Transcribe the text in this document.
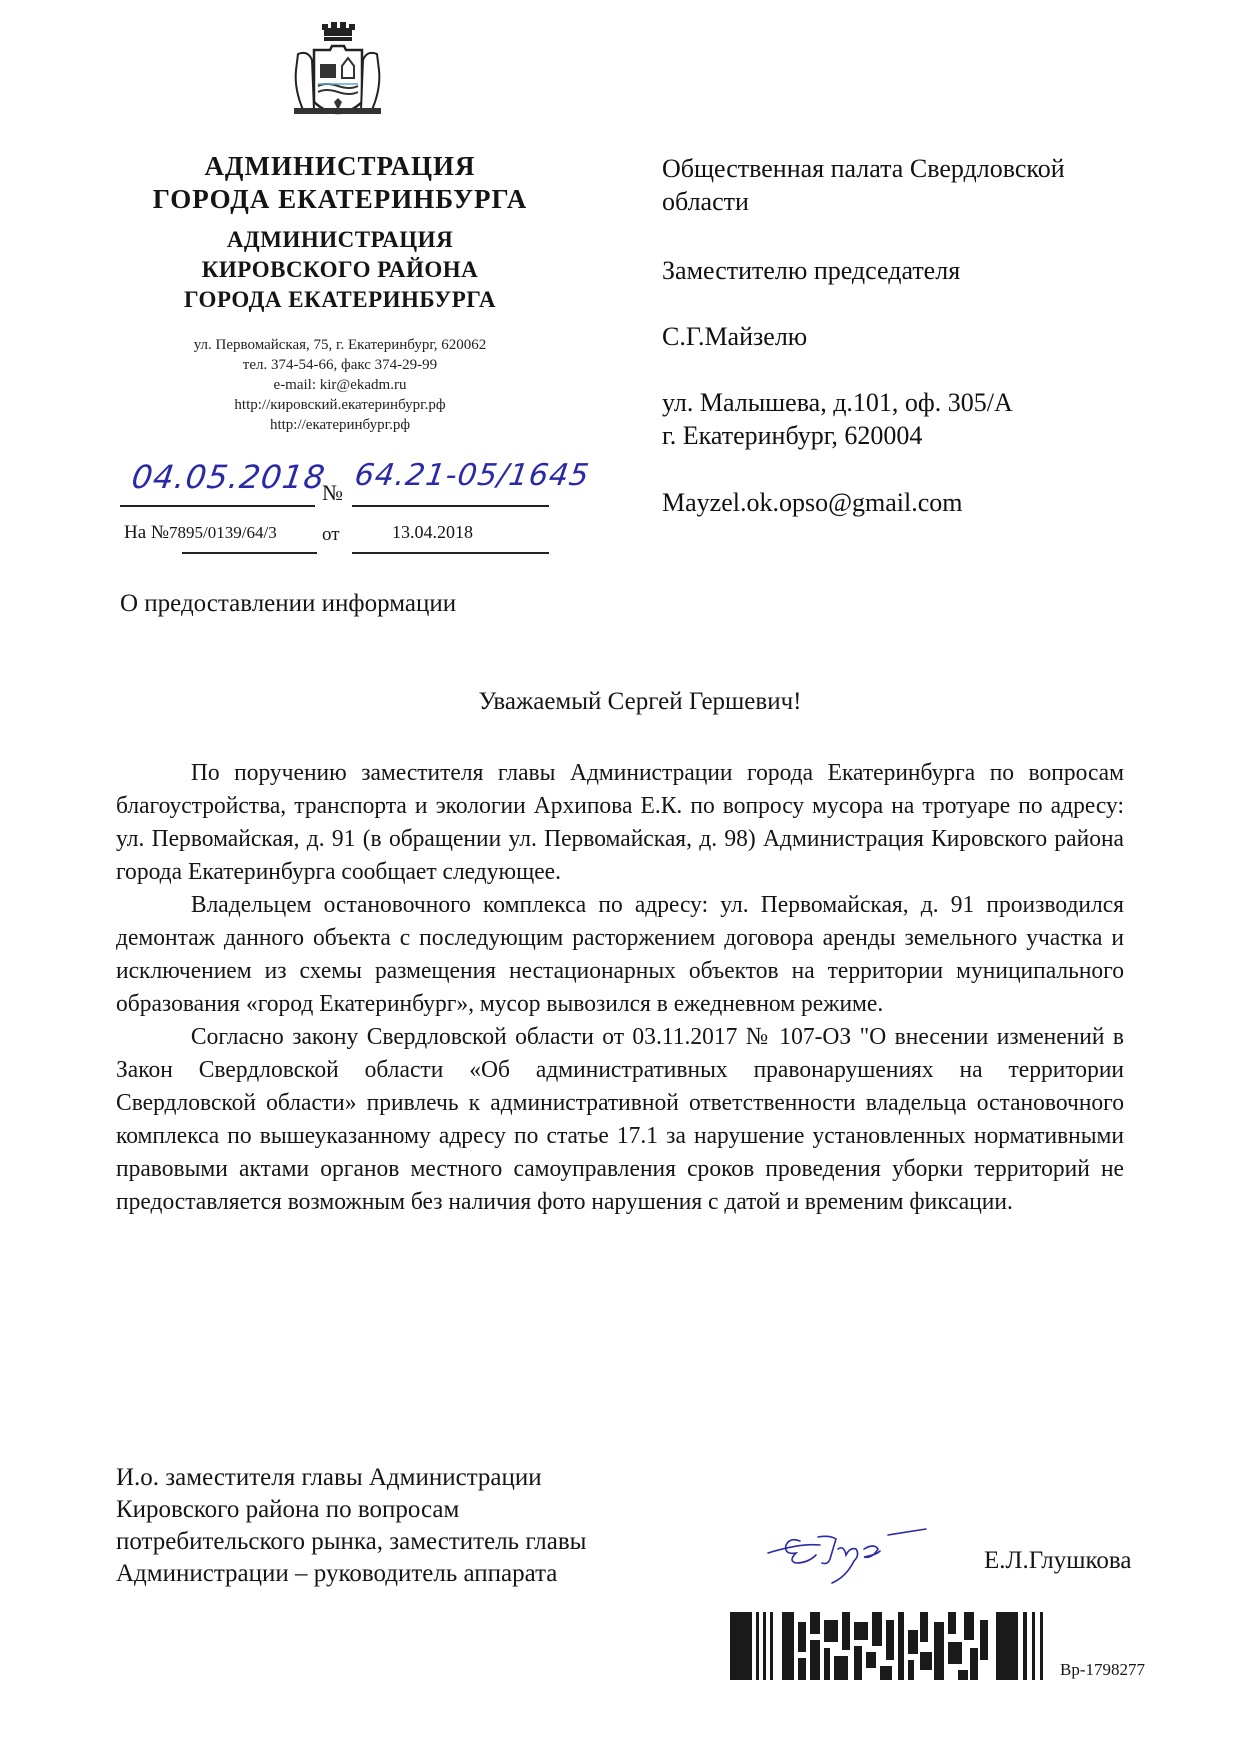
АДМИНИСТРАЦИЯ
ГОРОДА ЕКАТЕРИНБУРГА
АДМИНИСТРАЦИЯ
КИРОВСКОГО РАЙОНА
ГОРОДА ЕКАТЕРИНБУРГА
ул. Первомайская, 75, г. Екатеринбург, 620062
тел. 374-54-66, факс 374-29-99
e-mail: kir@ekadm.ru
http://кировский.екатеринбург.рф
http://екатеринбург.рф
04.05.2018
№ 64.21-05/1645
На №7895/0139/64/3 от	13.04.2018
Общественная палата Свердловской
области
Заместителю председателя
С.Г.Майзелю
ул. Малышева, д.101, оф. 305/А
г. Екатеринбург, 620004
Mayzel.ok.opso@gmail.com
О предоставлении информации
Уважаемый Сергей Гершевич!

По поручению заместителя главы Администрации города Екатеринбурга по вопросам благоустройства, транспорта и экологии Архипова Е.К. по вопросу мусора на тротуаре по адресу: ул. Первомайская, д. 91 (в обращении ул. Первомайская, д. 98) Администрация Кировского района города Екатеринбурга сообщает следующее.

Владельцем остановочного комплекса по адресу: ул. Первомайская, д. 91 производился демонтаж данного объекта с последующим расторжением договора аренды земельного участка и исключением из схемы размещения нестационарных объектов на территории муниципального образования «город Екатеринбург», мусор вывозился в ежедневном режиме.

Согласно закону Свердловской области от 03.11.2017 № 107-ОЗ "О внесении изменений в Закон Свердловской области «Об административных правонарушениях на территории Свердловской области» привлечь к административной ответственности владельца остановочного комплекса по вышеуказанному адресу по статье 17.1 за нарушение установленных нормативными правовыми актами органов местного самоуправления сроков проведения уборки территорий не предоставляется возможным без наличия фото нарушения с датой и временим фиксации.

И.о. заместителя главы Администрации
Кировского района по вопросам
потребительского рынка, заместитель главы
Администрации – руководитель аппарата	Е.Л.Глушкова
Вр-1798277
